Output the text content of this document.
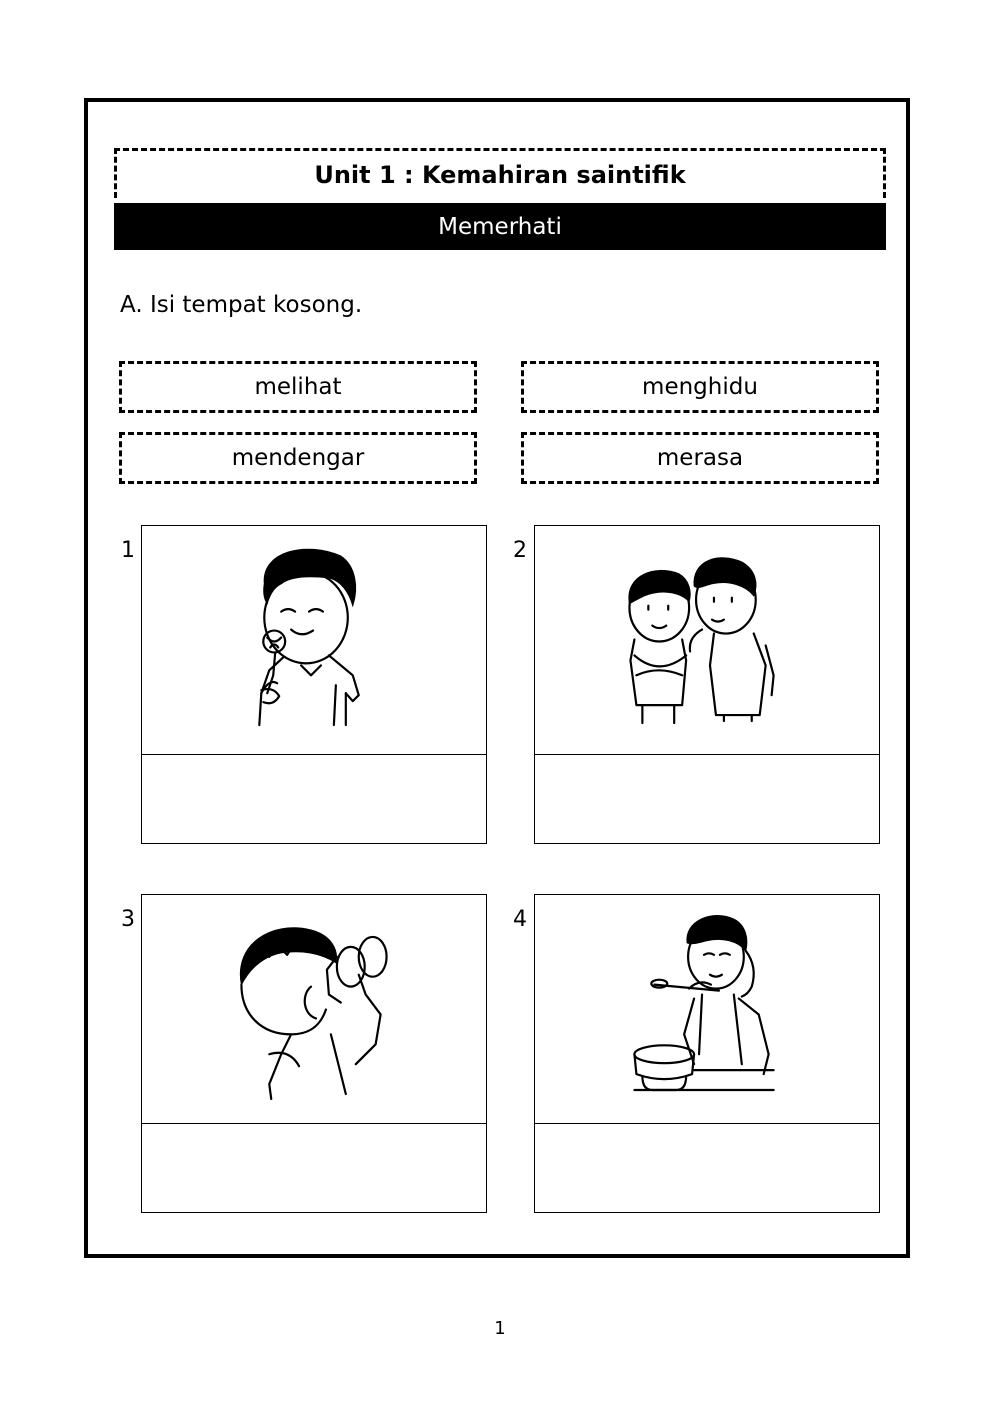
Unit 1 : Kemahiran saintifik
Memerhati
A. Isi tempat kosong.
melihat	menghidu
mendengar	merasa
1	2
3	4
1
